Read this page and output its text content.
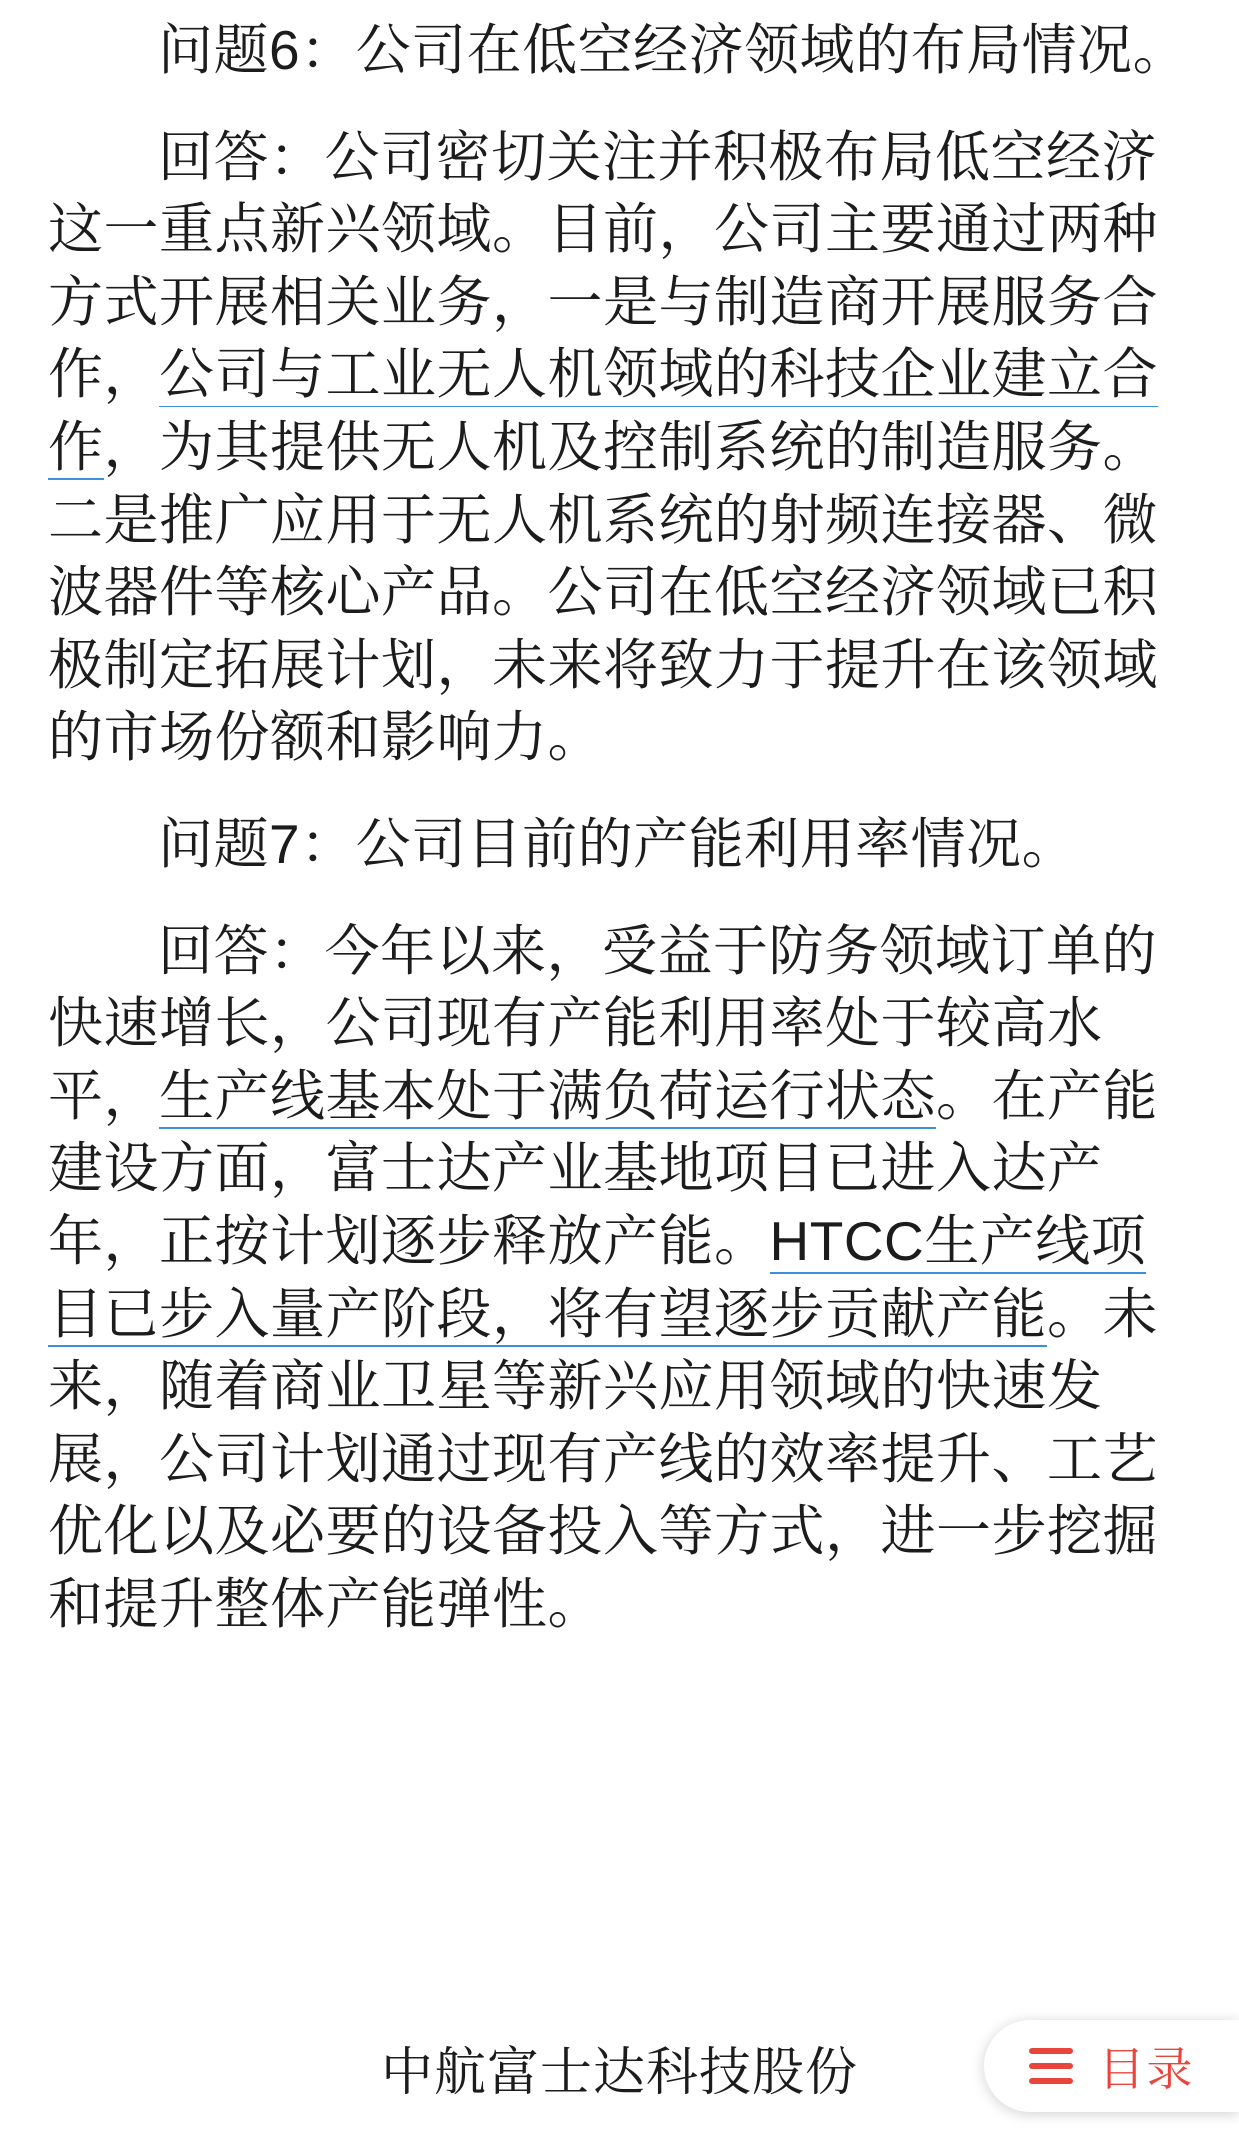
问题6：公司在低空经济领域的布局情况。

回答：公司密切关注并积极布局低空经济这一重点新兴领域。目前，公司主要通过两种方式开展相关业务，一是与制造商开展服务合作，公司与工业无人机领域的科技企业建立合作，为其提供无人机及控制系统的制造服务。二是推广应用于无人机系统的射频连接器、微波器件等核心产品。公司在低空经济领域已积极制定拓展计划，未来将致力于提升在该领域的市场份额和影响力。

问题7：公司目前的产能利用率情况。

回答：今年以来，受益于防务领域订单的快速增长，公司现有产能利用率处于较高水平，生产线基本处于满负荷运行状态。在产能建设方面，富士达产业基地项目已进入达产年，正按计划逐步释放产能。HTCC生产线项目已步入量产阶段，将有望逐步贡献产能。未来，随着商业卫星等新兴应用领域的快速发展，公司计划通过现有产线的效率提升、工艺优化以及必要的设备投入等方式，进一步挖掘和提升整体产能弹性。

中航富士达科技股份	目录
